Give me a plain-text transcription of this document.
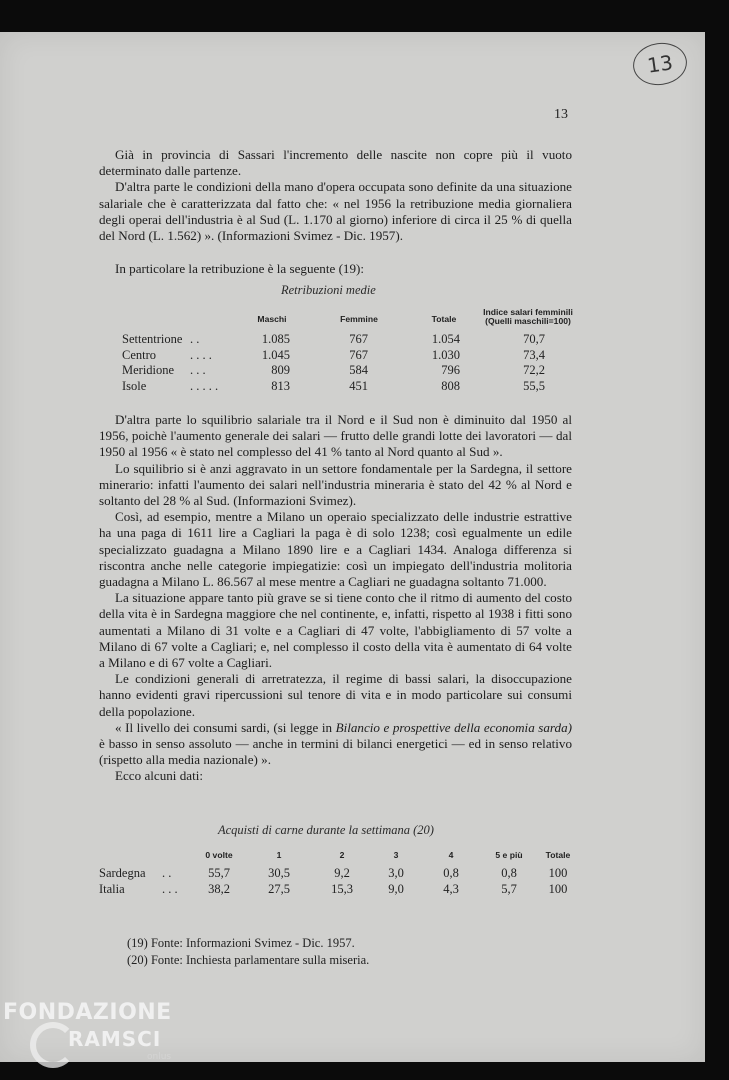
13
13

Già in provincia di Sassari l'incremento delle nascite non copre più il vuoto determinato dalle partenze.

D'altra parte le condizioni della mano d'opera occupata sono definite da una situazione salariale che è caratterizzata dal fatto che: « nel 1956 la retribuzione media giornaliera degli operai dell'industria è al Sud (L. 1.170 al giorno) inferiore di circa il 25 % di quella del Nord (L. 1.562) ». (Informazioni Svimez - Dic. 1957).

In particolare la retribuzione è la seguente (19):

Retribuzioni medie
Maschi	Femmine	Totale
Indice salari femminili
(Quelli maschili=100)
Settentrione . .	1.085	767	1.054	70,7
Centro	. . . .	1.045	767	1.030	73,4
Meridione . . .	809	584	796	72,2
Isole	. . . . .	813	451	808	55,5

D'altra parte lo squilibrio salariale tra il Nord e il Sud non è diminuito dal 1950 al 1956, poichè l'aumento generale dei salari — frutto delle grandi lotte dei lavoratori — dal 1950 al 1956 « è stato nel complesso del 41 % tanto al Nord quanto al Sud ».

Lo squilibrio si è anzi aggravato in un settore fondamentale per la Sardegna, il settore minerario: infatti l'aumento dei salari nell'industria mineraria è stato del 42 % al Nord e soltanto del 28 % al Sud. (Informazioni Svimez).

Così, ad esempio, mentre a Milano un operaio specializzato delle industrie estrattive ha una paga di 1611 lire a Cagliari la paga è di solo 1238; così egualmente un edile specializzato guadagna a Milano 1890 lire e a Cagliari 1434. Analoga differenza si riscontra anche nelle categorie impiegatizie: così un impiegato dell'industria molitoria guadagna a Milano L. 86.567 al mese mentre a Cagliari ne guadagna soltanto 71.000.

La situazione appare tanto più grave se si tiene conto che il ritmo di aumento del costo della vita è in Sardegna maggiore che nel continente, e, infatti, rispetto al 1938 i fitti sono aumentati a Milano di 31 volte e a Cagliari di 47 volte, l'abbigliamento di 57 volte a Milano di 67 volte a Cagliari; e, nel complesso il costo della vita è aumentato di 64 volte a Milano e di 67 volte a Cagliari.

Le condizioni generali di arretratezza, il regime di bassi salari, la disoccupazione hanno evidenti gravi ripercussioni sul tenore di vita e in modo particolare sui consumi della popolazione.

« Il livello dei consumi sardi, (si legge in Bilancio e prospettive della economia sarda) è basso in senso assoluto — anche in termini di bilanci energetici — ed in senso relativo (rispetto alla media nazionale) ».

Ecco alcuni dati:

Acquisti di carne durante la settimana (20)
0 volte	1	2	3	4	5 e più	Totale
Sardegna . .	55,7	30,5	9,2	3,0	0,8	0,8	100
Italia	. . .	38,2	27,5	15,3	9,0	4,3	5,7	100
(19) Fonte: Informazioni Svimez - Dic. 1957.
(20) Fonte: Inchiesta parlamentare sulla miseria.
FONDAZIONE
RAMSCI
onlus
